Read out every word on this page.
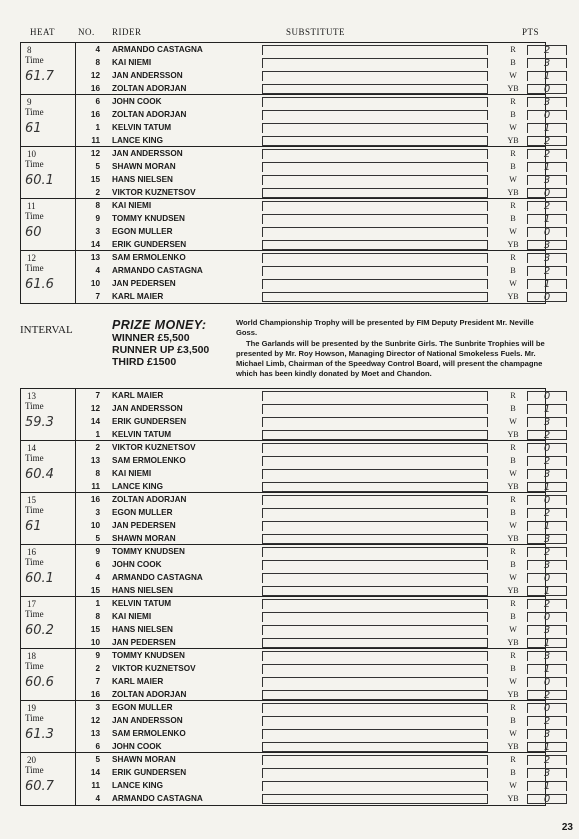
HEAT	NO. RIDER	SUBSTITUTE	PTS
8
Time
61.7
4 ARMANDO CASTAGNA	R	2
8 KAI NIEMI	B	3
12 JAN ANDERSSON	W	1
16 ZOLTAN ADORJAN	YB	0
9
Time
61
6 JOHN COOK	R	3
16 ZOLTAN ADORJAN	B	0
1 KELVIN TATUM	W	1
11 LANCE KING	YB	2
10
Time
60.1
12 JAN ANDERSSON	R	2
5 SHAWN MORAN	B	1
15 HANS NIELSEN	W	3
2 VIKTOR KUZNETSOV	YB	0
11
Time
60
8 KAI NIEMI	R	2
9 TOMMY KNUDSEN	B	1
3 EGON MULLER	W	0
14 ERIK GUNDERSEN	YB	3
12
Time
61.6
13 SAM ERMOLENKO	R	3
4 ARMANDO CASTAGNA	B	2
10 JAN PEDERSEN	W	1
7 KARL MAIER	YB	0
INTERVAL	PRIZE MONEY:
WINNER £5,500
RUNNER UP £3,500
THIRD £1500

World Championship Trophy will be presented by FIM Deputy President Mr. Neville Goss.

The Garlands will be presented by the Sunbrite Girls. The Sunbrite Trophies will be presented by Mr. Roy Howson, Managing Director of National Smokeless Fuels. Mr. Michael Limb, Chairman of the Speedway Control Board, will present the champagne which has been kindly donated by Moet and Chandon.

13
Time
59.3
7 KARL MAIER	R	0
12 JAN ANDERSSON	B	1
14 ERIK GUNDERSEN	W	3
1 KELVIN TATUM	YB	2
14
Time
60.4
2 VIKTOR KUZNETSOV	R	0
13 SAM ERMOLENKO	B	2
8 KAI NIEMI	W	3
11 LANCE KING	YB	1
15
Time
61
16 ZOLTAN ADORJAN	R	0
3 EGON MULLER	B	2
10 JAN PEDERSEN	W	1
5 SHAWN MORAN	YB	3
16
Time
60.1
9 TOMMY KNUDSEN	R	2
6 JOHN COOK	B	3
4 ARMANDO CASTAGNA	W	0
15 HANS NIELSEN	YB	1
17
Time
60.2
1 KELVIN TATUM	R	2
8 KAI NIEMI	B	0
15 HANS NIELSEN	W	3
10 JAN PEDERSEN	YB	1
18
Time
60.6
9 TOMMY KNUDSEN	R	3
2 VIKTOR KUZNETSOV	B	1
7 KARL MAIER	W	0
16 ZOLTAN ADORJAN	YB	2
19
Time
61.3
3 EGON MULLER	R	0
12 JAN ANDERSSON	B	2
13 SAM ERMOLENKO	W	3
6 JOHN COOK	YB	1
20
Time
60.7
5 SHAWN MORAN	R	2
14 ERIK GUNDERSEN	B	3
11 LANCE KING	W	1
4 ARMANDO CASTAGNA	YB	0
23
